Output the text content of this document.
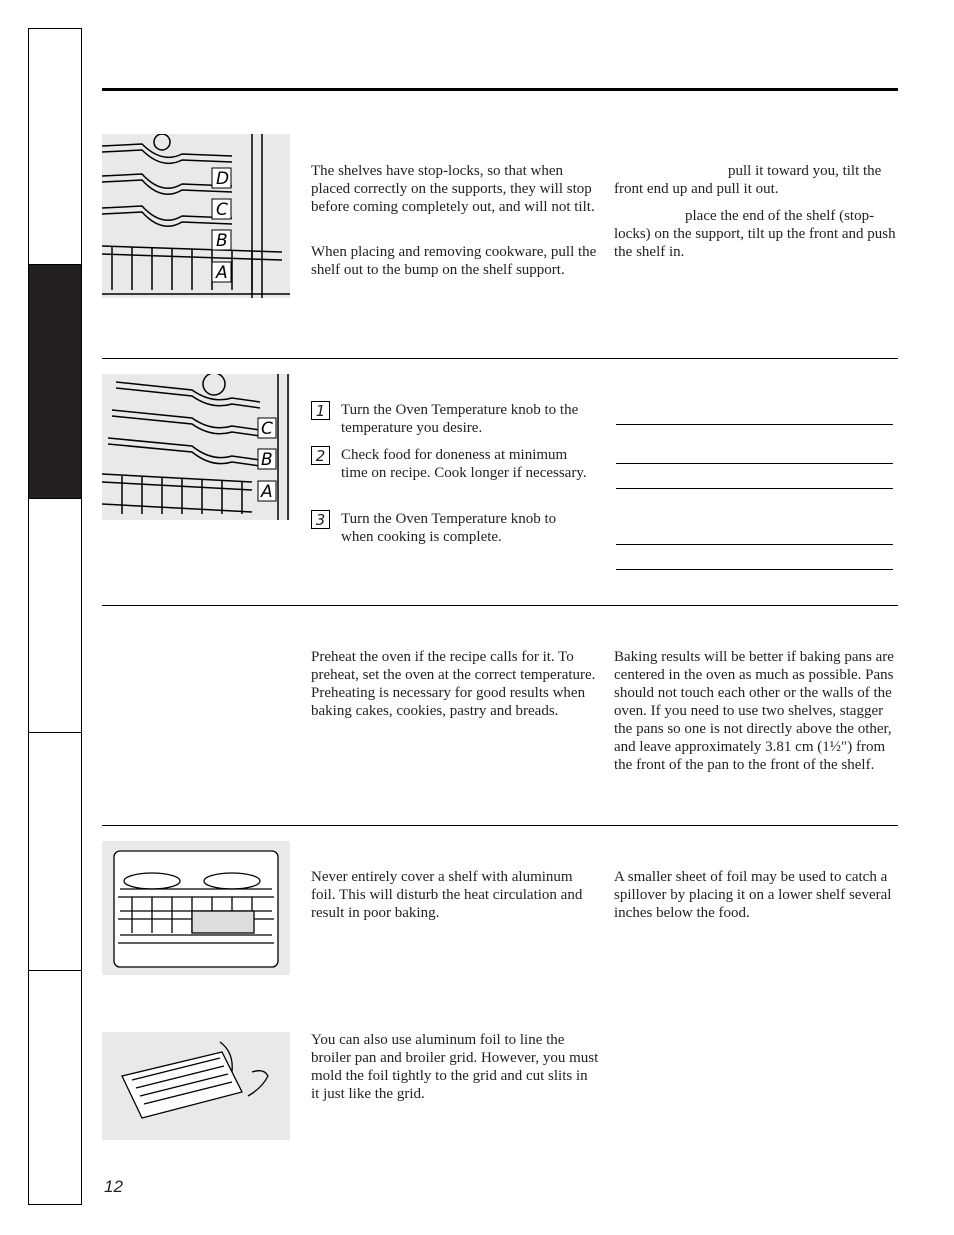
D
C
B
A

The shelves have stop-locks, so that when placed correctly on the supports, they will stop before coming completely out, and will not tilt.

When placing and removing cookware, pull the shelf out to the bump on the shelf support.

pull it toward you, tilt the front end up and pull it out.

place the end of the shelf (stop-locks) on the support, tilt up the front and push the shelf in.

C
B
A
1	Turn the Oven Temperature knob to the temperature you desire.

2	Check food for doneness at minimum time on recipe. Cook longer if necessary.

3	Turn the Oven Temperature knob to           when cooking is complete.

Preheat the oven if the recipe calls for it. To preheat, set the oven at the correct temperature. Preheating is necessary for good results when baking cakes, cookies, pastry and breads.

Baking results will be better if baking pans are centered in the oven as much as possible. Pans should not touch each other or the walls of the oven. If you need to use two shelves, stagger the pans so one is not directly above the other, and leave approximately 3.81 cm (1½″) from the front of the pan to the front of the shelf.

Never entirely cover a shelf with aluminum foil. This will disturb the heat circulation and result in poor baking.

A smaller sheet of foil may be used to catch a spillover by placing it on a lower shelf several inches below the food.

You can also use aluminum foil to line the broiler pan and broiler grid. However, you must mold the foil tightly to the grid and cut slits in it just like the grid.

12
